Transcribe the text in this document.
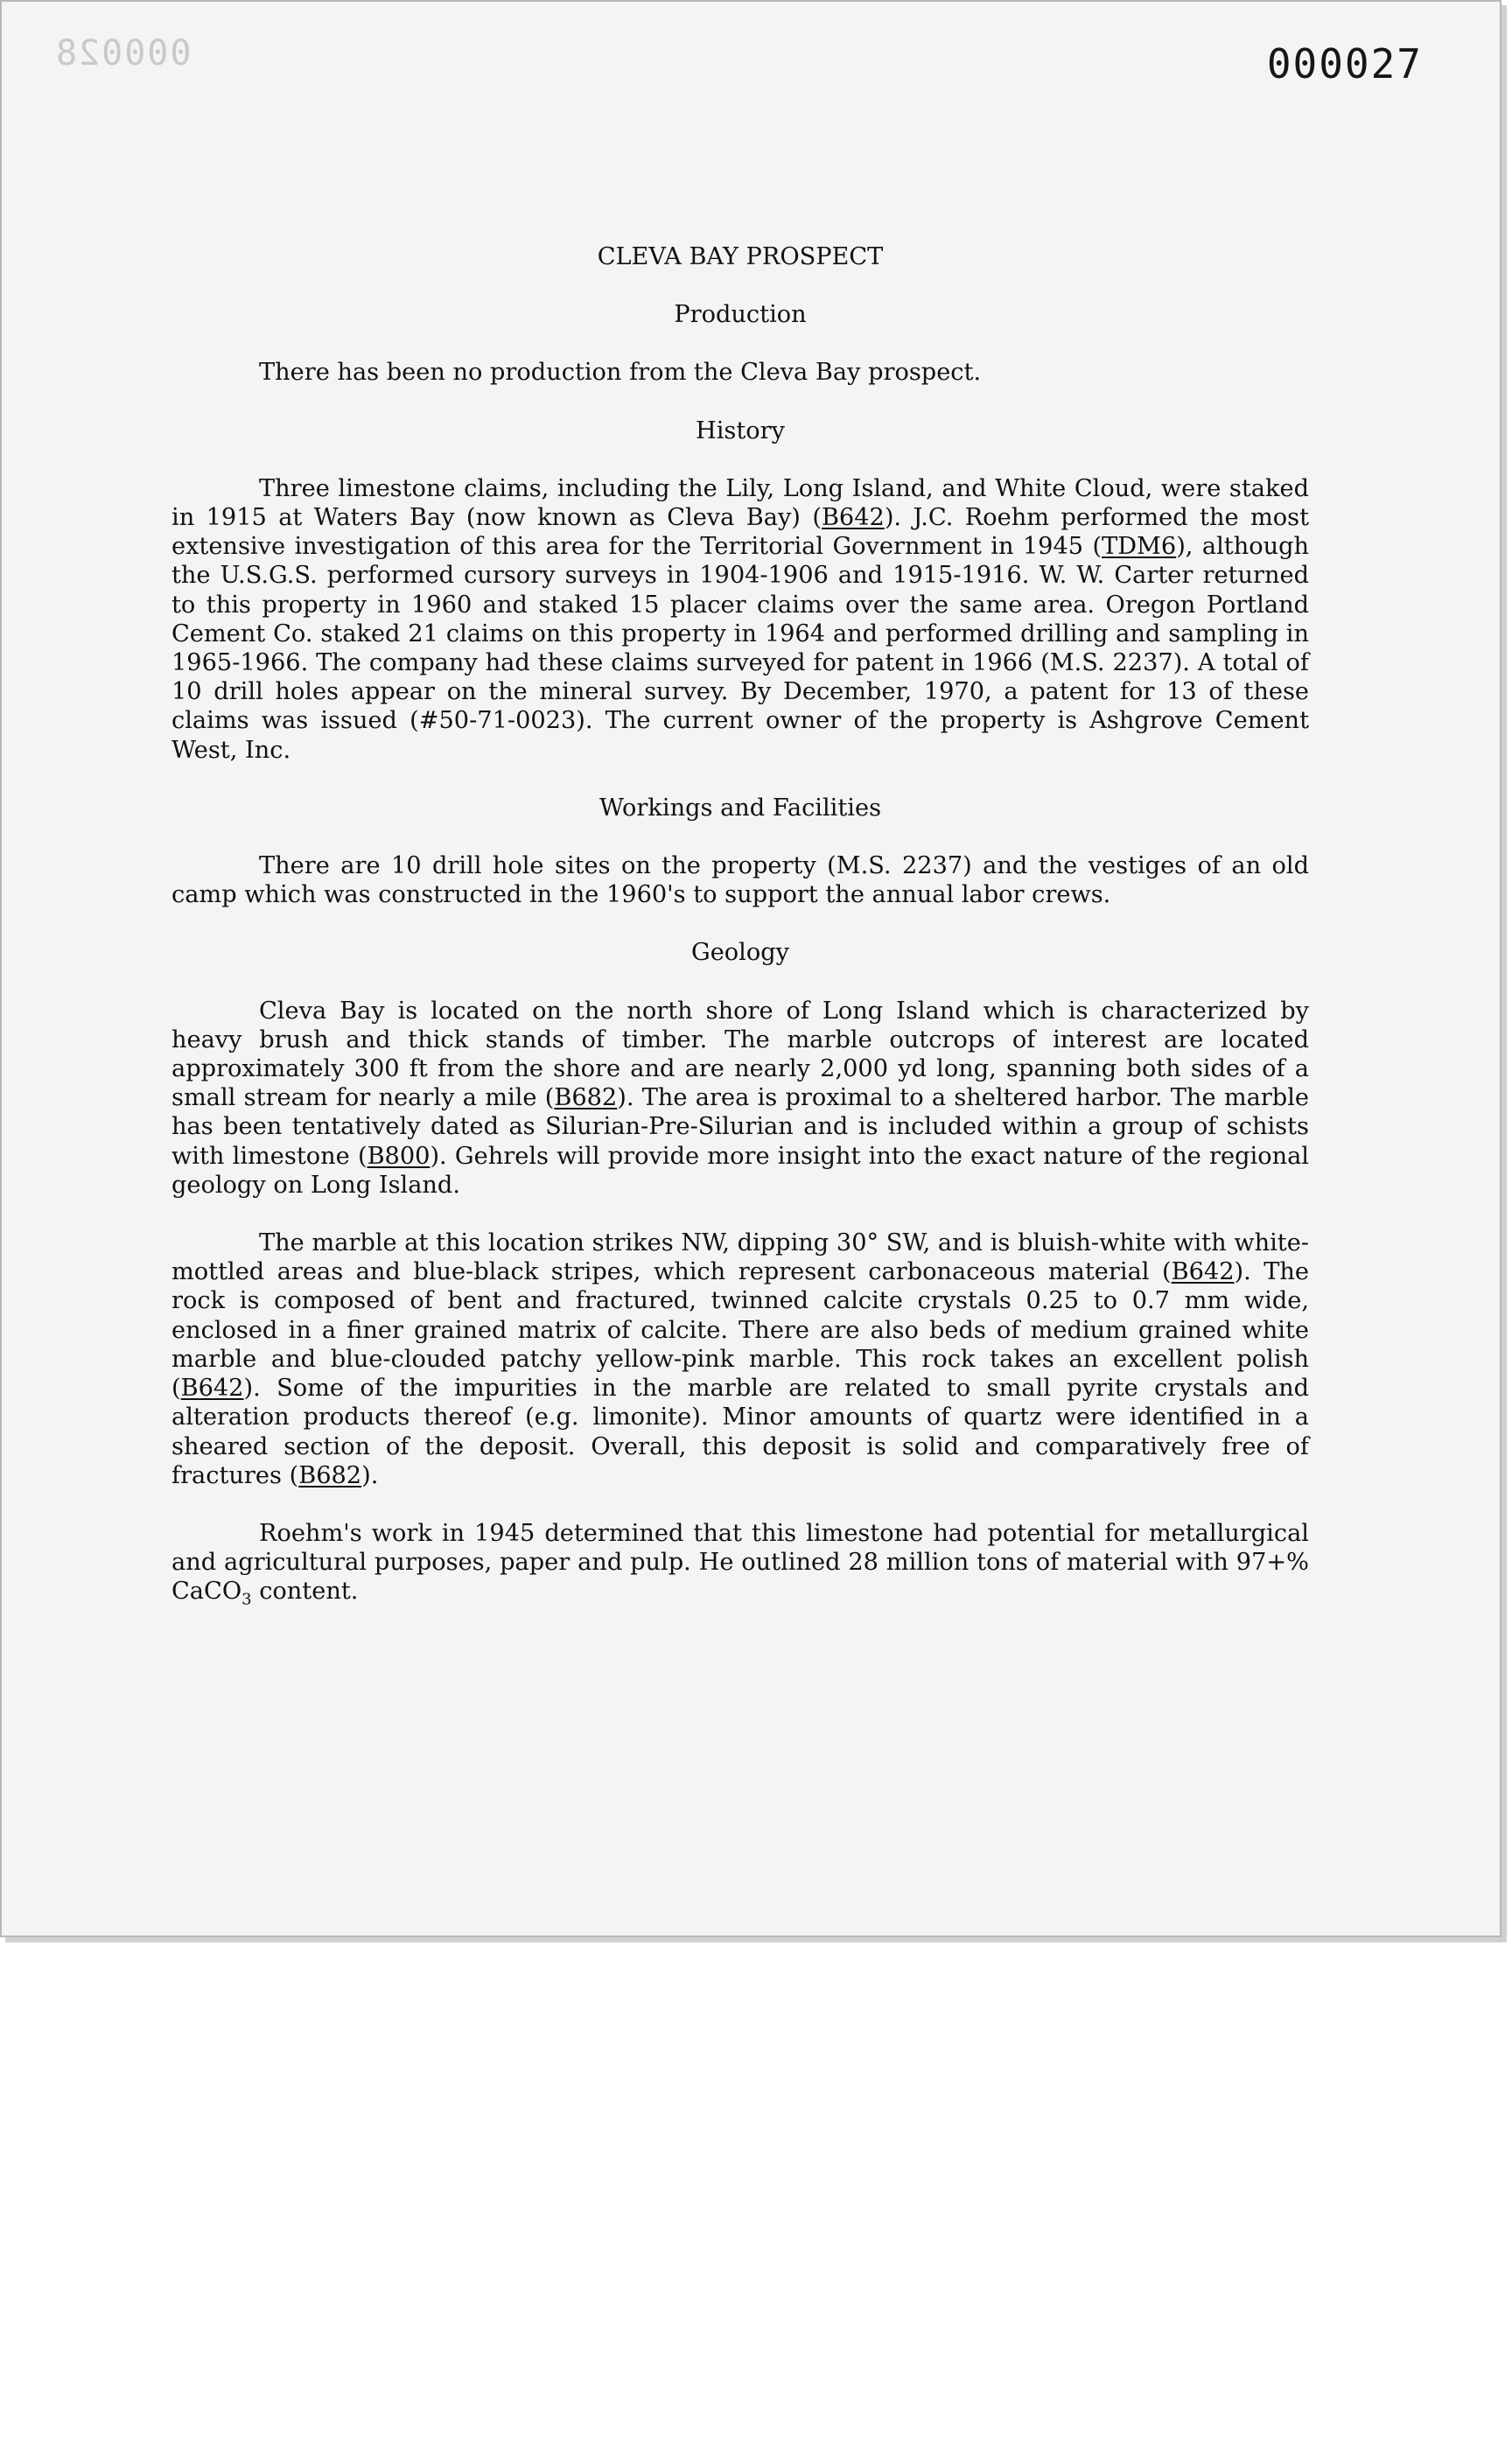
000028	000027
CLEVA BAY PROSPECT
Production

There has been no production from the Cleva Bay prospect.

History

Three limestone claims, including the Lily, Long Island, and White Cloud, were staked in 1915 at Waters Bay (now known as Cleva Bay) (B642). J.C. Roehm performed the most extensive investigation of this area for the Territorial Government in 1945 (TDM6), although the U.S.G.S. performed cursory surveys in 1904-1906 and 1915-1916. W. W. Carter returned to this property in 1960 and staked 15 placer claims over the same area. Oregon Portland Cement Co. staked 21 claims on this property in 1964 and performed drilling and sampling in 1965-1966. The company had these claims surveyed for patent in 1966 (M.S. 2237). A total of 10 drill holes appear on the mineral survey. By December, 1970, a patent for 13 of these claims was issued (#50-71-0023). The current owner of the property is Ashgrove Cement West, Inc.

Workings and Facilities

There are 10 drill hole sites on the property (M.S. 2237) and the vestiges of an old camp which was constructed in the 1960's to support the annual labor crews.

Geology

Cleva Bay is located on the north shore of Long Island which is characterized by heavy brush and thick stands of timber. The marble outcrops of interest are located approximately 300 ft from the shore and are nearly 2,000 yd long, spanning both sides of a small stream for nearly a mile (B682). The area is proximal to a sheltered harbor. The marble has been tentatively dated as Silurian-Pre-Silurian and is included within a group of schists with limestone (B800). Gehrels will provide more insight into the exact nature of the regional geology on Long Island.

The marble at this location strikes NW, dipping 30° SW, and is bluish-white with white-mottled areas and blue-black stripes, which represent carbonaceous material (B642). The rock is composed of bent and fractured, twinned calcite crystals 0.25 to 0.7 mm wide, enclosed in a finer grained matrix of calcite. There are also beds of medium grained white marble and blue-clouded patchy yellow-pink marble. This rock takes an excellent polish (B642). Some of the impurities in the marble are related to small pyrite crystals and alteration products thereof (e.g. limonite). Minor amounts of quartz were identified in a sheared section of the deposit. Overall, this deposit is solid and comparatively free of fractures (B682).

Roehm's work in 1945 determined that this limestone had potential for metallurgical and agricultural purposes, paper and pulp. He outlined 28 million tons of material with 97+% CaCO$_3$ content.
